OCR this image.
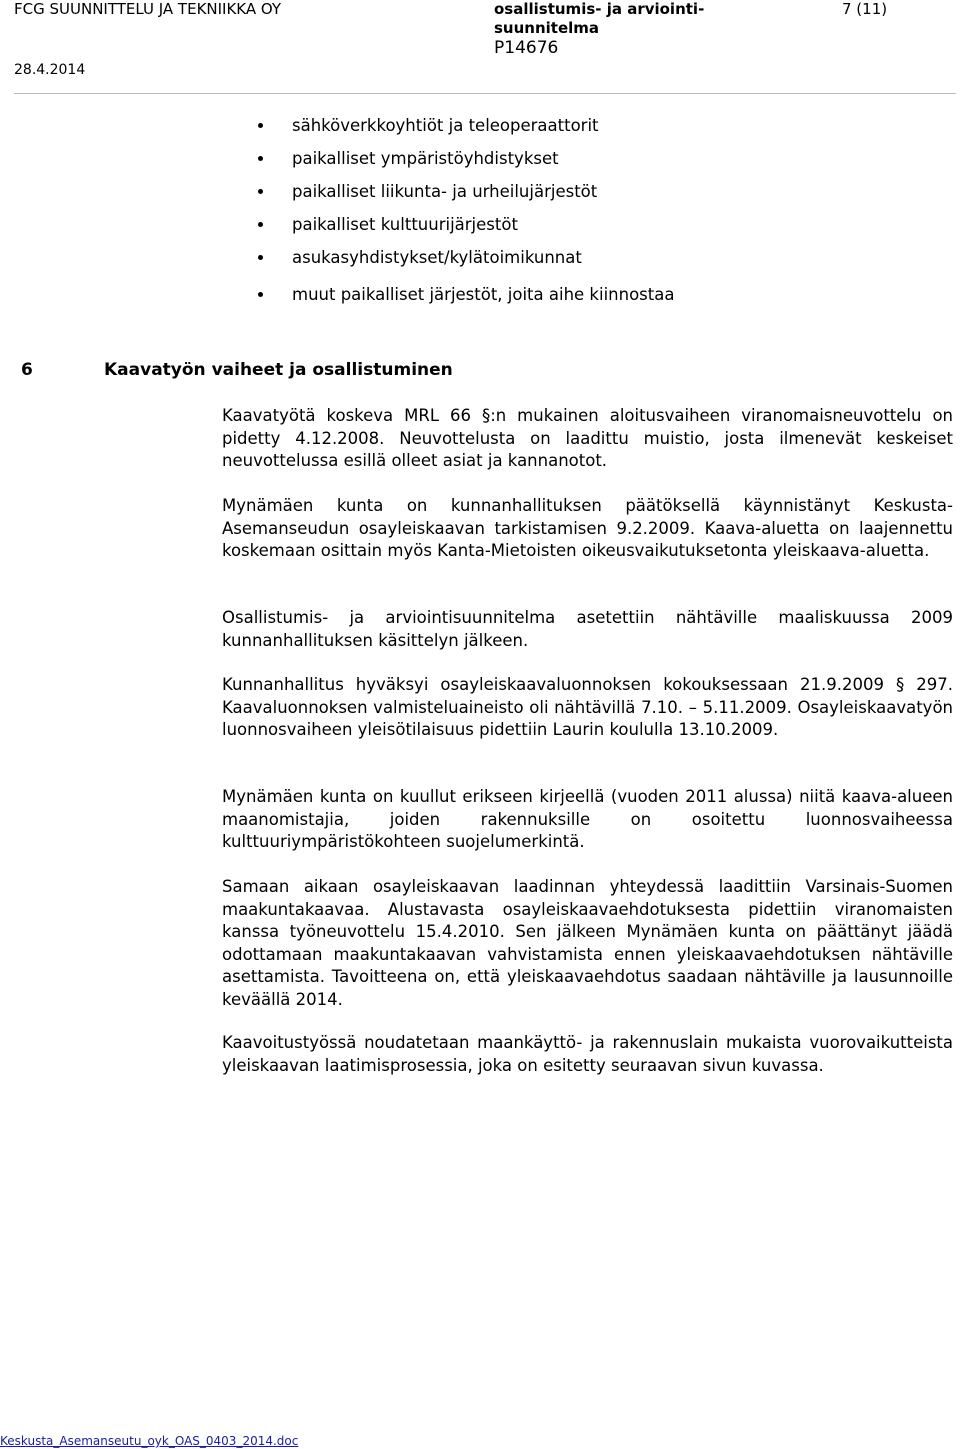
FCG SUUNNITTELU JA TEKNIIKKA OY
28.4.2014
osallistumis- ja arviointi-suunnitelma
P14676
7 (11)
sähköverkkoyhtiöt ja teleoperaattorit
paikalliset ympäristöyhdistykset
paikalliset liikunta- ja urheilujärjestöt
paikalliset kulttuurijärjestöt
asukasyhdistykset/kylätoimikunnat
muut paikalliset järjestöt, joita aihe kiinnostaa
6	Kaavatyön vaiheet ja osallistuminen

Kaavatyötä koskeva MRL 66 §:n mukainen aloitusvaiheen viranomaisneuvottelu on pidetty 4.12.2008. Neuvottelusta on laadittu muistio, josta ilmenevät keskeiset neuvottelussa esillä olleet asiat ja kannanotot.

Mynämäen kunta on kunnanhallituksen päätöksellä käynnistänyt Keskusta-Asemanseudun osayleiskaavan tarkistamisen 9.2.2009. Kaava-aluetta on laajennettu koskemaan osittain myös Kanta-Mietoisten oikeusvaikutuksetonta yleiskaava-aluetta.

Osallistumis- ja arviointisuunnitelma asetettiin nähtäville maaliskuussa 2009 kunnanhallituksen käsittelyn jälkeen.

Kunnanhallitus hyväksyi osayleiskaavaluonnoksen kokouksessaan 21.9.2009 § 297. Kaavaluonnoksen valmisteluaineisto oli nähtävillä 7.10. – 5.11.2009. Osayleiskaavatyön luonnosvaiheen yleisötilaisuus pidettiin Laurin koululla 13.10.2009.

Mynämäen kunta on kuullut erikseen kirjeellä (vuoden 2011 alussa) niitä kaava-alueen maanomistajia, joiden rakennuksille on osoitettu luonnosvaiheessa kulttuuriympäristökohteen suojelumerkintä.

Samaan aikaan osayleiskaavan laadinnan yhteydessä laadittiin Varsinais-Suomen maakuntakaavaa. Alustavasta osayleiskaavaehdotuksesta pidettiin viranomaisten kanssa työneuvottelu 15.4.2010. Sen jälkeen Mynämäen kunta on päättänyt jäädä odottamaan maakuntakaavan vahvistamista ennen yleiskaavaehdotuksen nähtäville asettamista. Tavoitteena on, että yleiskaavaehdotus saadaan nähtäville ja lausunnoille keväällä 2014.

Kaavoitustyössä noudatetaan maankäyttö- ja rakennuslain mukaista vuorovaikutteista yleiskaavan laatimisprosessia, joka on esitetty seuraavan sivun kuvassa.

Keskusta_Asemanseutu_oyk_OAS_0403_2014.doc
